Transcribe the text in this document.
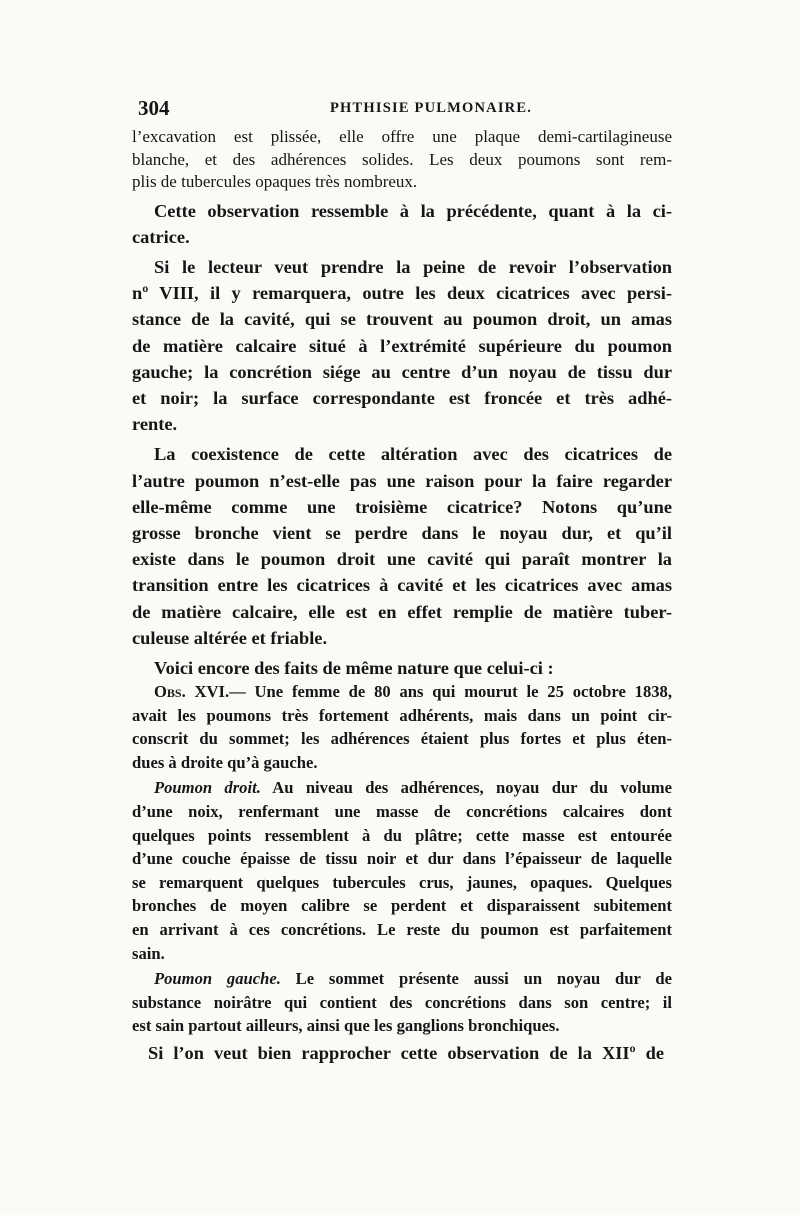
304	PHTHISIE PULMONAIRE.
l’excavation est plissée, elle offre une plaque demi-cartilagineuse
blanche, et des adhérences solides. Les deux poumons sont rem-
plis de tubercules opaques très nombreux.
Cette observation ressemble à la précédente, quant à la ci-
catrice.
Si le lecteur veut prendre la peine de revoir l’observation
nº VIII, il y remarquera, outre les deux cicatrices avec persi-
stance de la cavité, qui se trouvent au poumon droit, un amas
de matière calcaire situé à l’extrémité supérieure du poumon
gauche; la concrétion siége au centre d’un noyau de tissu dur
et noir; la surface correspondante est froncée et très adhé-
rente.
La coexistence de cette altération avec des cicatrices de
l’autre poumon n’est-elle pas une raison pour la faire regarder
elle-même comme une troisième cicatrice? Notons qu’une
grosse bronche vient se perdre dans le noyau dur, et qu’il
existe dans le poumon droit une cavité qui paraît montrer la
transition entre les cicatrices à cavité et les cicatrices avec amas
de matière calcaire, elle est en effet remplie de matière tuber-
culeuse altérée et friable.
Voici encore des faits de même nature que celui-ci :
Obs. XVI.— Une femme de 80 ans qui mourut le 25 octobre 1838,
avait les poumons très fortement adhérents, mais dans un point cir-
conscrit du sommet; les adhérences étaient plus fortes et plus éten-
dues à droite qu’à gauche.
Poumon droit. Au niveau des adhérences, noyau dur du volume
d’une noix, renfermant une masse de concrétions calcaires dont
quelques points ressemblent à du plâtre; cette masse est entourée
d’une couche épaisse de tissu noir et dur dans l’épaisseur de laquelle
se remarquent quelques tubercules crus, jaunes, opaques. Quelques
bronches de moyen calibre se perdent et disparaissent subitement
en arrivant à ces concrétions. Le reste du poumon est parfaitement
sain.
Poumon gauche. Le sommet présente aussi un noyau dur de
substance noirâtre qui contient des concrétions dans son centre; il
est sain partout ailleurs, ainsi que les ganglions bronchiques.
Si l’on veut bien rapprocher cette observation de la XIIº de
